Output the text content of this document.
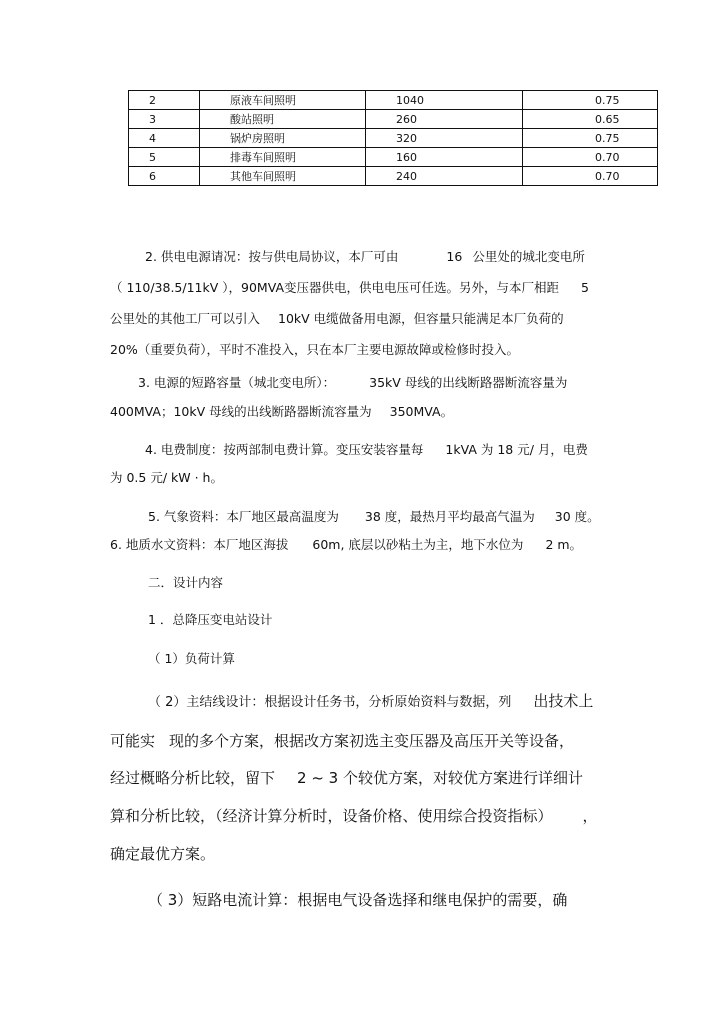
2	原液车间照明	1040	0.75	
3	酸站照明	260	0.65	
4	锅炉房照明	320	0.75	
5	排毒车间照明	160	0.70	
6	其他车间照明	240	0.70	
2. 供电电源请况：按与供电局协议，本厂可由	16 公里处的城北变电所
（ 110/38.5/11kV ），90MVA变压器供电，供电电压可任选。另外，与本厂相距 5
公里处的其他工厂可以引入 10kV 电缆做备用电源，但容量只能满足本厂负荷的
20%（重要负荷），平时不准投入，只在本厂主要电源故障或检修时投入。
3. 电源的短路容量（城北变电所）：	35kV 母线的出线断路器断流容量为
400MVA；10kV 母线的出线断路器断流容量为 350MVA。
4. 电费制度：按两部制电费计算。变压安装容量每 1kVA 为 18 元/ 月，电费
为 0.5 元/ kW · h。
5. 气象资料：本厂地区最高温度为 38 度，最热月平均最高气温为 30 度。
6. 地质水文资料：本厂地区海拔 60m, 底层以砂粘土为主，地下水位为 2 m。
二．设计内容
1 ．总降压变电站设计
（ 1）负荷计算
（ 2）主结线设计：根据设计任务书，分析原始资料与数据，列 出技术上
可能实 现的多个方案，根据改方案初选主变压器及高压开关等设备，
经过概略分析比较，留下 2 ~ 3 个较优方案，对较优方案进行详细计
算和分析比较，（经济计算分析时，设备价格、使用综合投资指标） ，
确定最优方案。
（ 3）短路电流计算：根据电气设备选择和继电保护的需要，确
